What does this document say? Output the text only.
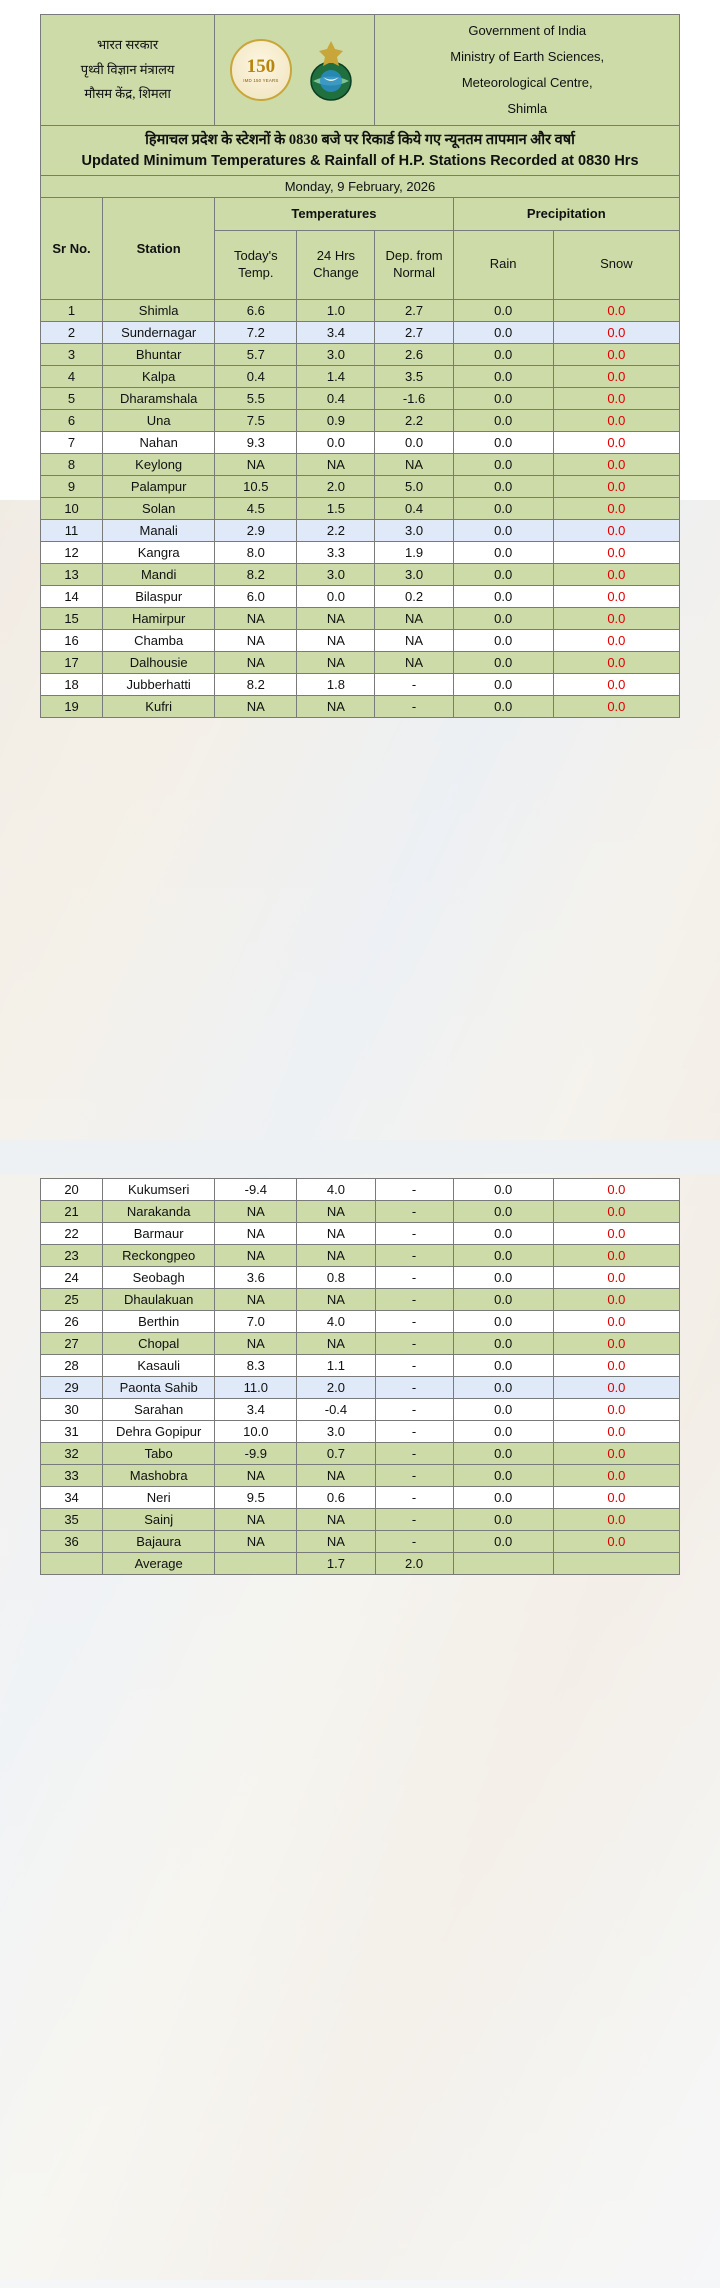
भारत सरकार
पृथ्वी विज्ञान मंत्रालय
मौसम केंद्र, शिमला

150
IMD 150 YEARS

Government of India
Ministry of Earth Sciences,
Meteorological Centre,
Shimla

हिमाचल प्रदेश के स्टेशनों के 0830 बजे पर रिकार्ड किये गए न्यूनतम तापमान और वर्षा
Updated Minimum Temperatures & Rainfall of H.P. Stations Recorded at 0830 Hrs						

Monday, 9 February, 2026						
Sr No.	Station	Temperatures			Precipitation	
		Today's Temp.	24 Hrs Change	Dep. from Normal	Rain	Snow
1	Shimla	6.6	1.0	2.7	0.0	0.0
2	Sundernagar	7.2	3.4	2.7	0.0	0.0
3	Bhuntar	5.7	3.0	2.6	0.0	0.0
4	Kalpa	0.4	1.4	3.5	0.0	0.0
5	Dharamshala	5.5	0.4	-1.6	0.0	0.0
6	Una	7.5	0.9	2.2	0.0	0.0
7	Nahan	9.3	0.0	0.0	0.0	0.0
8	Keylong	NA	NA	NA	0.0	0.0
9	Palampur	10.5	2.0	5.0	0.0	0.0
10	Solan	4.5	1.5	0.4	0.0	0.0
11	Manali	2.9	2.2	3.0	0.0	0.0
12	Kangra	8.0	3.3	1.9	0.0	0.0
13	Mandi	8.2	3.0	3.0	0.0	0.0
14	Bilaspur	6.0	0.0	0.2	0.0	0.0
15	Hamirpur	NA	NA	NA	0.0	0.0
16	Chamba	NA	NA	NA	0.0	0.0
17	Dalhousie	NA	NA	NA	0.0	0.0
18	Jubberhatti	8.2	1.8	-	0.0	0.0
19	Kufri	NA	NA	-	0.0	0.0
20	Kukumseri	-9.4	4.0	-	0.0	0.0
21	Narakanda	NA	NA	-	0.0	0.0
22	Barmaur	NA	NA	-	0.0	0.0
23	Reckongpeo	NA	NA	-	0.0	0.0
24	Seobagh	3.6	0.8	-	0.0	0.0
25	Dhaulakuan	NA	NA	-	0.0	0.0
26	Berthin	7.0	4.0	-	0.0	0.0
27	Chopal	NA	NA	-	0.0	0.0
28	Kasauli	8.3	1.1	-	0.0	0.0
29	Paonta Sahib	11.0	2.0	-	0.0	0.0
30	Sarahan	3.4	-0.4	-	0.0	0.0
31	Dehra Gopipur	10.0	3.0	-	0.0	0.0
32	Tabo	-9.9	0.7	-	0.0	0.0
33	Mashobra	NA	NA	-	0.0	0.0
34	Neri	9.5	0.6	-	0.0	0.0
35	Sainj	NA	NA	-	0.0	0.0
36	Bajaura	NA	NA	-	0.0	0.0
	Average		1.7	2.0		
